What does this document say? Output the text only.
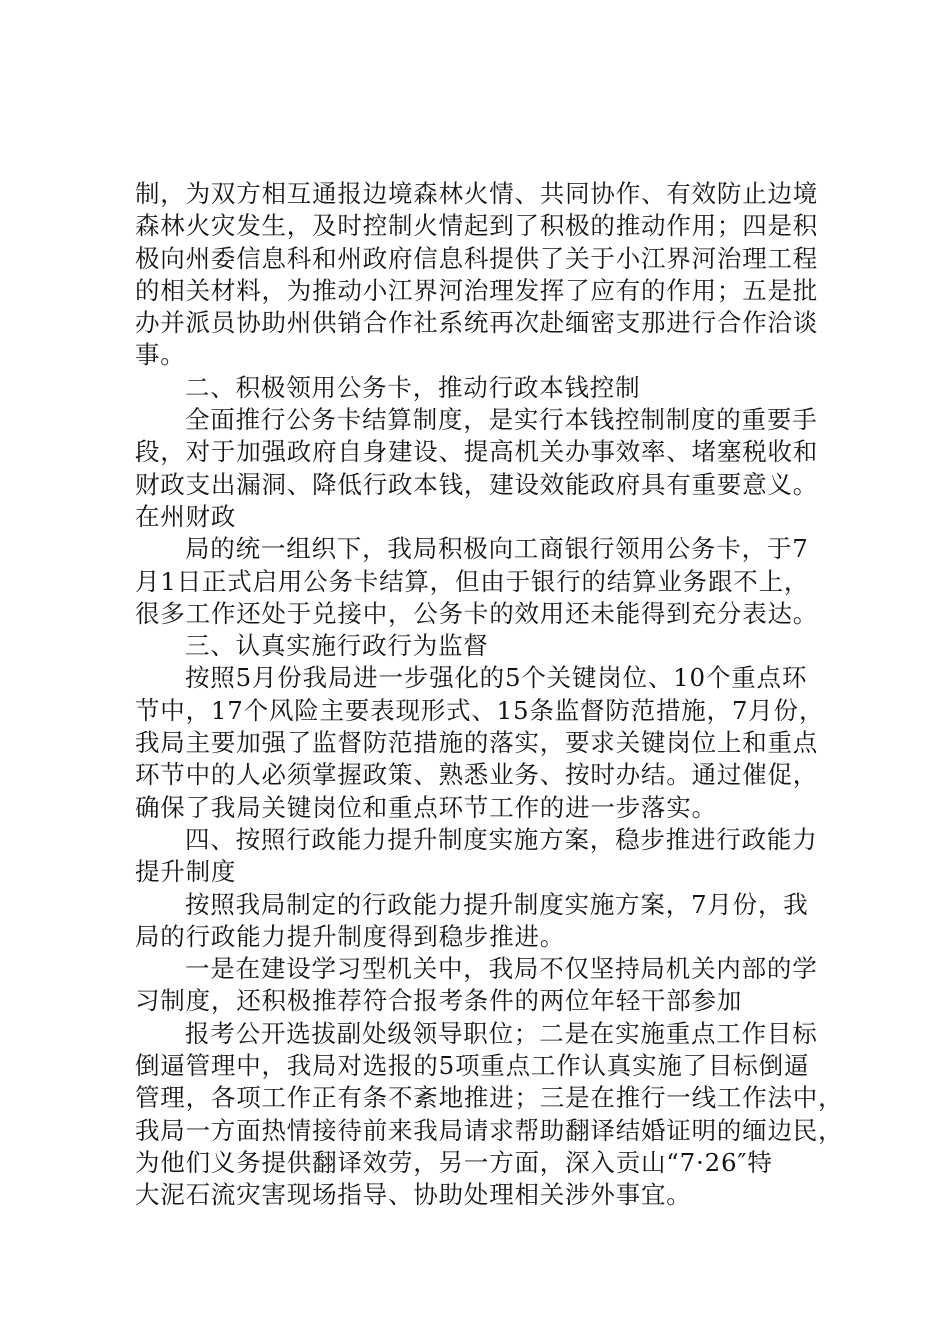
制，为双方相互通报边境森林火情、共同协作、有效防止边境

森林火灾发生，及时控制火情起到了积极的推动作用；四是积

极向州委信息科和州政府信息科提供了关于小江界河治理工程

的相关材料，为推动小江界河治理发挥了应有的作用；五是批

办并派员协助州供销合作社系统再次赴缅密支那进行合作洽谈

事。

二、积极领用公务卡，推动行政本钱控制

全面推行公务卡结算制度，是实行本钱控制制度的重要手

段，对于加强政府自身建设、提高机关办事效率、堵塞税收和

财政支出漏洞、降低行政本钱，建设效能政府具有重要意义。

在州财政

局的统一组织下，我局积极向工商银行领用公务卡，于7

月1日正式启用公务卡结算，但由于银行的结算业务跟不上，

很多工作还处于兑接中，公务卡的效用还未能得到充分表达。

三、认真实施行政行为监督

按照5月份我局进一步强化的5个关键岗位、10个重点环

节中，17个风险主要表现形式、15条监督防范措施，7月份，

我局主要加强了监督防范措施的落实，要求关键岗位上和重点

环节中的人必须掌握政策、熟悉业务、按时办结。通过催促，

确保了我局关键岗位和重点环节工作的进一步落实。

四、按照行政能力提升制度实施方案，稳步推进行政能力

提升制度

按照我局制定的行政能力提升制度实施方案，7月份，我

局的行政能力提升制度得到稳步推进。

一是在建设学习型机关中，我局不仅坚持局机关内部的学

习制度，还积极推荐符合报考条件的两位年轻干部参加

报考公开选拔副处级领导职位；二是在实施重点工作目标

倒逼管理中，我局对选报的5项重点工作认真实施了目标倒逼

管理，各项工作正有条不紊地推进；三是在推行一线工作法中，

我局一方面热情接待前来我局请求帮助翻译结婚证明的缅边民，

为他们义务提供翻译效劳，另一方面，深入贡山“7·26″特

大泥石流灾害现场指导、协助处理相关涉外事宜。
